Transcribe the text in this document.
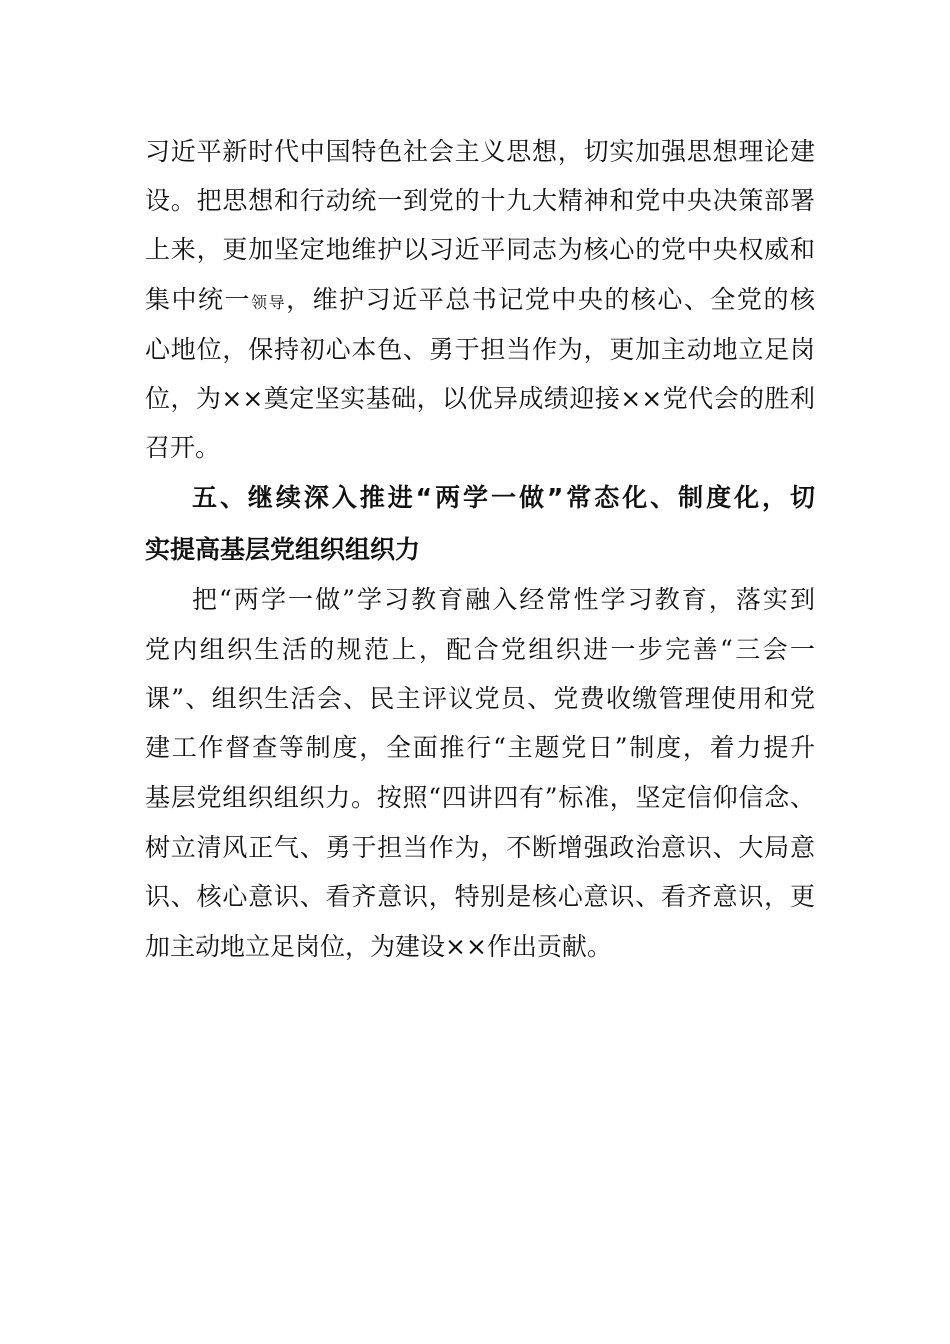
习近平新时代中国特色社会主义思想，切实加强思想理论建
设。把思想和行动统一到党的十九大精神和党中央决策部署
上来，更加坚定地维护以习近平同志为核心的党中央权威和
集中统一领导，维护习近平总书记党中央的核心、全党的核
心地位，保持初心本色、勇于担当作为，更加主动地立足岗
位，为××奠定坚实基础，以优异成绩迎接××党代会的胜利
召开。
五、继续深入推进“两学一做”常态化、制度化，切
实提高基层党组织组织力
把“两学一做”学习教育融入经常性学习教育，落实到
党内组织生活的规范上，配合党组织进一步完善“三会一
课”、组织生活会、民主评议党员、党费收缴管理使用和党
建工作督查等制度，全面推行“主题党日”制度，着力提升
基层党组织组织力。按照“四讲四有”标准，坚定信仰信念、
树立清风正气、勇于担当作为，不断增强政治意识、大局意
识、核心意识、看齐意识，特别是核心意识、看齐意识，更
加主动地立足岗位，为建设××作出贡献。
